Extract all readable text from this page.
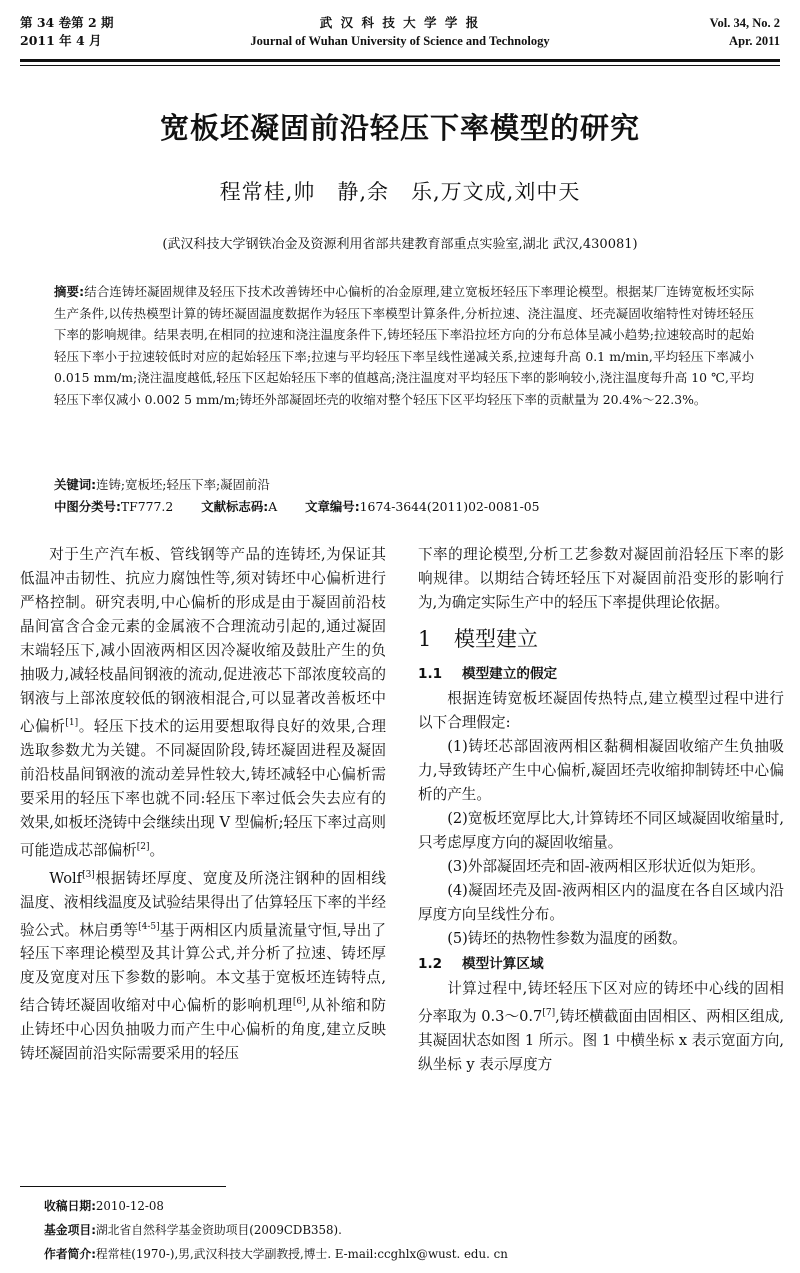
第 34 卷第 2 期
2011 年 4 月
武 汉 科 技 大 学 学 报
Journal of Wuhan University of Science and Technology
Vol. 34, No. 2
Apr. 2011
宽板坯凝固前沿轻压下率模型的研究
程常桂,帅　静,余　乐,万文成,刘中天
(武汉科技大学钢铁冶金及资源利用省部共建教育部重点实验室,湖北 武汉,430081)
摘要:结合连铸坯凝固规律及轻压下技术改善铸坯中心偏析的冶金原理,建立宽板坯轻压下率理论模型。根据某厂连铸宽板坯实际生产条件,以传热模型计算的铸坯凝固温度数据作为轻压下率模型计算条件,分析拉速、浇注温度、坯壳凝固收缩特性对铸坯轻压下率的影响规律。结果表明,在相同的拉速和浇注温度条件下,铸坯轻压下率沿拉坯方向的分布总体呈减小趋势;拉速较高时的起始轻压下率小于拉速较低时对应的起始轻压下率;拉速与平均轻压下率呈线性递减关系,拉速每升高 0.1 m/min,平均轻压下率减小 0.015 mm/m;浇注温度越低,轻压下区起始轻压下率的值越高;浇注温度对平均轻压下率的影响较小,浇注温度每升高 10 ℃,平均轻压下率仅减小 0.002 5 mm/m;铸坯外部凝固坯壳的收缩对整个轻压下区平均轻压下率的贡献量为 20.4%～22.3%。
关键词:连铸;宽板坯;轻压下率;凝固前沿
中图分类号:TF777.2 文献标志码:A 文章编号:1674-3644(2011)02-0081-05

对于生产汽车板、管线钢等产品的连铸坯,为保证其低温冲击韧性、抗应力腐蚀性等,须对铸坯中心偏析进行严格控制。研究表明,中心偏析的形成是由于凝固前沿枝晶间富含合金元素的金属液不合理流动引起的,通过凝固末端轻压下,减小固液两相区因冷凝收缩及鼓肚产生的负抽吸力,减轻枝晶间钢液的流动,促进液芯下部浓度较高的钢液与上部浓度较低的钢液相混合,可以显著改善板坯中心偏析[1]。轻压下技术的运用要想取得良好的效果,合理选取参数尤为关键。不同凝固阶段,铸坯凝固进程及凝固前沿枝晶间钢液的流动差异性较大,铸坯减轻中心偏析需要采用的轻压下率也就不同:轻压下率过低会失去应有的效果,如板坯浇铸中会继续出现 V 型偏析;轻压下率过高则可能造成芯部偏析[2]。

Wolf[3]根据铸坯厚度、宽度及所浇注钢种的固相线温度、液相线温度及试验结果得出了估算轻压下率的半经验公式。林启勇等[4-5]基于两相区内质量流量守恒,导出了轻压下率理论模型及其计算公式,并分析了拉速、铸坯厚度及宽度对压下参数的影响。本文基于宽板坯连铸特点,结合铸坯凝固收缩对中心偏析的影响机理[6],从补缩和防止铸坯中心因负抽吸力而产生中心偏析的角度,建立反映铸坯凝固前沿实际需要采用的轻压

下率的理论模型,分析工艺参数对凝固前沿轻压下率的影响规律。以期结合铸坯轻压下对凝固前沿变形的影响行为,为确定实际生产中的轻压下率提供理论依据。

1 模型建立
1.1 模型建立的假定

根据连铸宽板坯凝固传热特点,建立模型过程中进行以下合理假定:

(1)铸坯芯部固液两相区黏稠相凝固收缩产生负抽吸力,导致铸坯产生中心偏析,凝固坯壳收缩抑制铸坯中心偏析的产生。

(2)宽板坯宽厚比大,计算铸坯不同区域凝固收缩量时,只考虑厚度方向的凝固收缩量。

(3)外部凝固坯壳和固-液两相区形状近似为矩形。

(4)凝固坯壳及固-液两相区内的温度在各自区域内沿厚度方向呈线性分布。

(5)铸坯的热物性参数为温度的函数。

1.2 模型计算区域

计算过程中,铸坯轻压下区对应的铸坯中心线的固相分率取为 0.3～0.7[7],铸坯横截面由固相区、两相区组成,其凝固状态如图 1 所示。图 1 中横坐标 x 表示宽面方向,纵坐标 y 表示厚度方

收稿日期:2010-12-08
基金项目:湖北省自然科学基金资助项目(2009CDB358).
作者简介:程常桂(1970-),男,武汉科技大学副教授,博士. E-mail:ccghlx@wust. edu. cn
